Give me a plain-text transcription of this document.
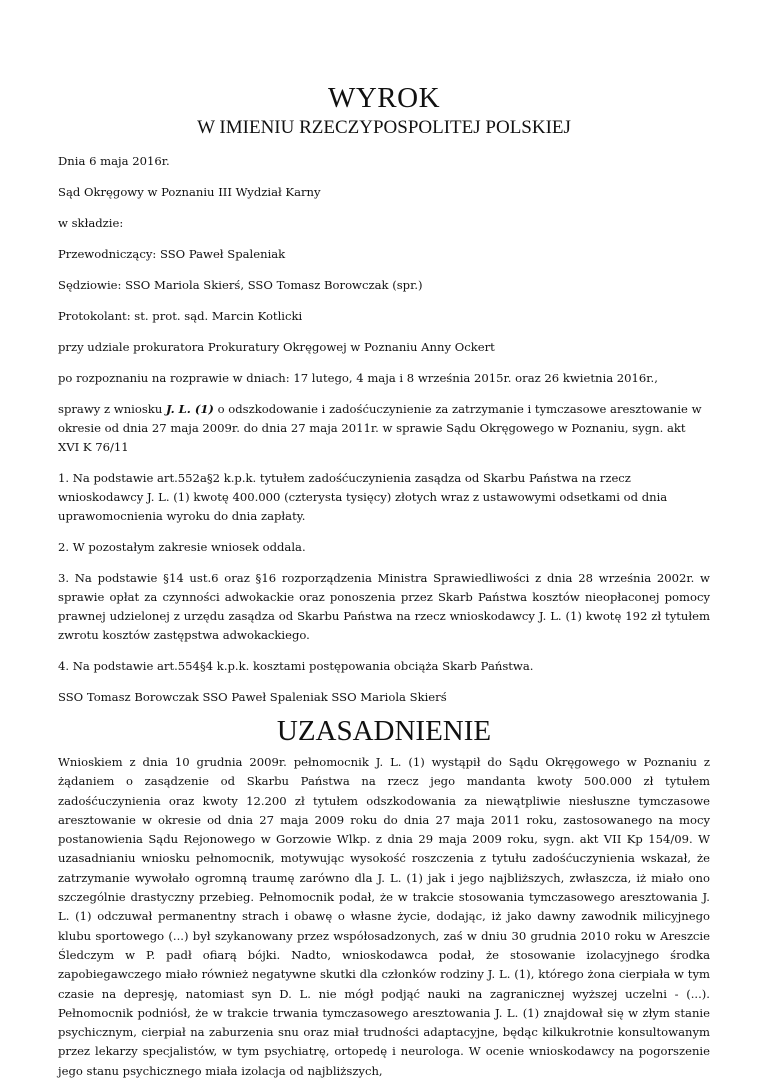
WYROK
W IMIENIU RZECZYPOSPOLITEJ POLSKIEJ

Dnia 6 maja 2016r.

Sąd Okręgowy w Poznaniu III Wydział Karny

w składzie:

Przewodniczący: SSO Paweł Spaleniak

Sędziowie: SSO Mariola Skierś, SSO Tomasz Borowczak (spr.)

Protokolant: st. prot. sąd. Marcin Kotlicki

przy udziale prokuratora Prokuratury Okręgowej w Poznaniu Anny Ockert

po rozpoznaniu na rozprawie w dniach: 17 lutego, 4 maja i 8 września 2015r. oraz 26 kwietnia 2016r.,

sprawy z wniosku J. L. (1) o odszkodowanie i zadośćuczynienie za zatrzymanie i tymczasowe aresztowanie w okresie od dnia 27 maja 2009r. do dnia 27 maja 2011r. w sprawie Sądu Okręgowego w Poznaniu, sygn. akt XVI K 76/11

1. Na podstawie art.552a§2 k.p.k. tytułem zadośćuczynienia zasądza od Skarbu Państwa na rzecz wnioskodawcy J. L. (1) kwotę 400.000 (czterysta tysięcy) złotych wraz z ustawowymi odsetkami od dnia uprawomocnienia wyroku do dnia zapłaty.

2. W pozostałym zakresie wniosek oddala.

3. Na podstawie §14 ust.6 oraz §16 rozporządzenia Ministra Sprawiedliwości z dnia 28 września 2002r. w sprawie opłat za czynności adwokackie oraz ponoszenia przez Skarb Państwa kosztów nieopłaconej pomocy prawnej udzielonej z urzędu zasądza od Skarbu Państwa na rzecz wnioskodawcy J. L. (1) kwotę 192 zł tytułem zwrotu kosztów zastępstwa adwokackiego.

4. Na podstawie art.554§4 k.p.k. kosztami postępowania obciąża Skarb Państwa.

SSO Tomasz Borowczak SSO Paweł Spaleniak SSO Mariola Skierś

UZASADNIENIE

Wnioskiem z dnia 10 grudnia 2009r. pełnomocnik J. L. (1) wystąpił do Sądu Okręgowego w Poznaniu z żądaniem o zasądzenie od Skarbu Państwa na rzecz jego mandanta kwoty 500.000 zł tytułem zadośćuczynienia oraz kwoty 12.200 zł tytułem odszkodowania za niewątpliwie niesłuszne tymczasowe aresztowanie w okresie od dnia 27 maja 2009 roku do dnia 27 maja 2011 roku, zastosowanego na mocy postanowienia Sądu Rejonowego w Gorzowie Wlkp. z dnia 29 maja 2009 roku, sygn. akt VII Kp 154/09. W uzasadnianiu wniosku pełnomocnik, motywując wysokość roszczenia z tytułu zadośćuczynienia wskazał, że zatrzymanie wywołało ogromną traumę zarówno dla J. L. (1) jak i jego najbliższych, zwłaszcza, iż miało ono szczególnie drastyczny przebieg. Pełnomocnik podał, że w trakcie stosowania tymczasowego aresztowania J. L. (1) odczuwał permanentny strach i obawę o własne życie, dodając, iż jako dawny zawodnik milicyjnego klubu sportowego (...) był szykanowany przez współosadzonych, zaś w dniu 30 grudnia 2010 roku w Areszcie Śledczym w P. padł ofiarą bójki. Nadto, wnioskodawca podał, że stosowanie izolacyjnego środka zapobiegawczego miało również negatywne skutki dla członków rodziny J. L. (1), którego żona cierpiała w tym czasie na depresję, natomiast syn D. L. nie mógł podjąć nauki na zagranicznej wyższej uczelni - (...). Pełnomocnik podniósł, że w trakcie trwania tymczasowego aresztowania J. L. (1) znajdował się w złym stanie psychicznym, cierpiał na zaburzenia snu oraz miał trudności adaptacyjne, będąc kilkukrotnie konsultowanym przez lekarzy specjalistów, w tym psychiatrę, ortopedę i neurologa. W ocenie wnioskodawcy na pogorszenie jego stanu psychicznego miała izolacja od najbliższych,
